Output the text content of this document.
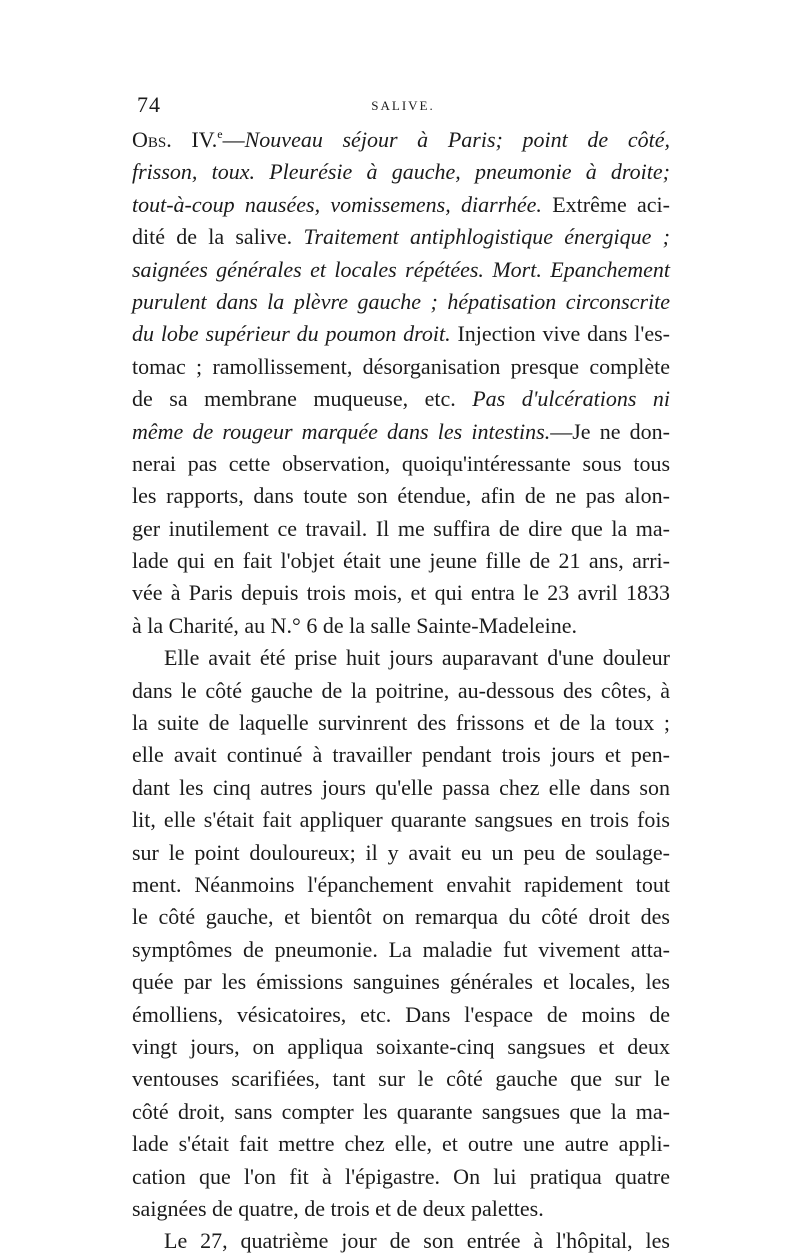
74	SALIVE.
Obs. IV.$^e$—Nouveau séjour à Paris; point de côté,
frisson, toux. Pleurésie à gauche, pneumonie à droite;
tout-à-coup nausées, vomissemens, diarrhée. Extrême aci-
dité de la salive. Traitement antiphlogistique énergique ;
saignées générales et locales répétées. Mort. Epanchement
purulent dans la plèvre gauche ; hépatisation circonscrite
du lobe supérieur du poumon droit. Injection vive dans l'es-
tomac ; ramollissement, désorganisation presque complète
de sa membrane muqueuse, etc. Pas d'ulcérations ni
même de rougeur marquée dans les intestins.—Je ne don-
nerai pas cette observation, quoiqu'intéressante sous tous
les rapports, dans toute son étendue, afin de ne pas alon-
ger inutilement ce travail. Il me suffira de dire que la ma-
lade qui en fait l'objet était une jeune fille de 21 ans, arri-
vée à Paris depuis trois mois, et qui entra le 23 avril 1833
à la Charité, au N.° 6 de la salle Sainte-Madeleine.
Elle avait été prise huit jours auparavant d'une douleur
dans le côté gauche de la poitrine, au-dessous des côtes, à
la suite de laquelle survinrent des frissons et de la toux ;
elle avait continué à travailler pendant trois jours et pen-
dant les cinq autres jours qu'elle passa chez elle dans son
lit, elle s'était fait appliquer quarante sangsues en trois fois
sur le point douloureux; il y avait eu un peu de soulage-
ment. Néanmoins l'épanchement envahit rapidement tout
le côté gauche, et bientôt on remarqua du côté droit des
symptômes de pneumonie. La maladie fut vivement atta-
quée par les émissions sanguines générales et locales, les
émolliens, vésicatoires, etc. Dans l'espace de moins de
vingt jours, on appliqua soixante-cinq sangsues et deux
ventouses scarifiées, tant sur le côté gauche que sur le
côté droit, sans compter les quarante sangsues que la ma-
lade s'était fait mettre chez elle, et outre une autre appli-
cation que l'on fit à l'épigastre. On lui pratiqua quatre
saignées de quatre, de trois et de deux palettes.
Le 27, quatrième jour de son entrée à l'hôpital, les
